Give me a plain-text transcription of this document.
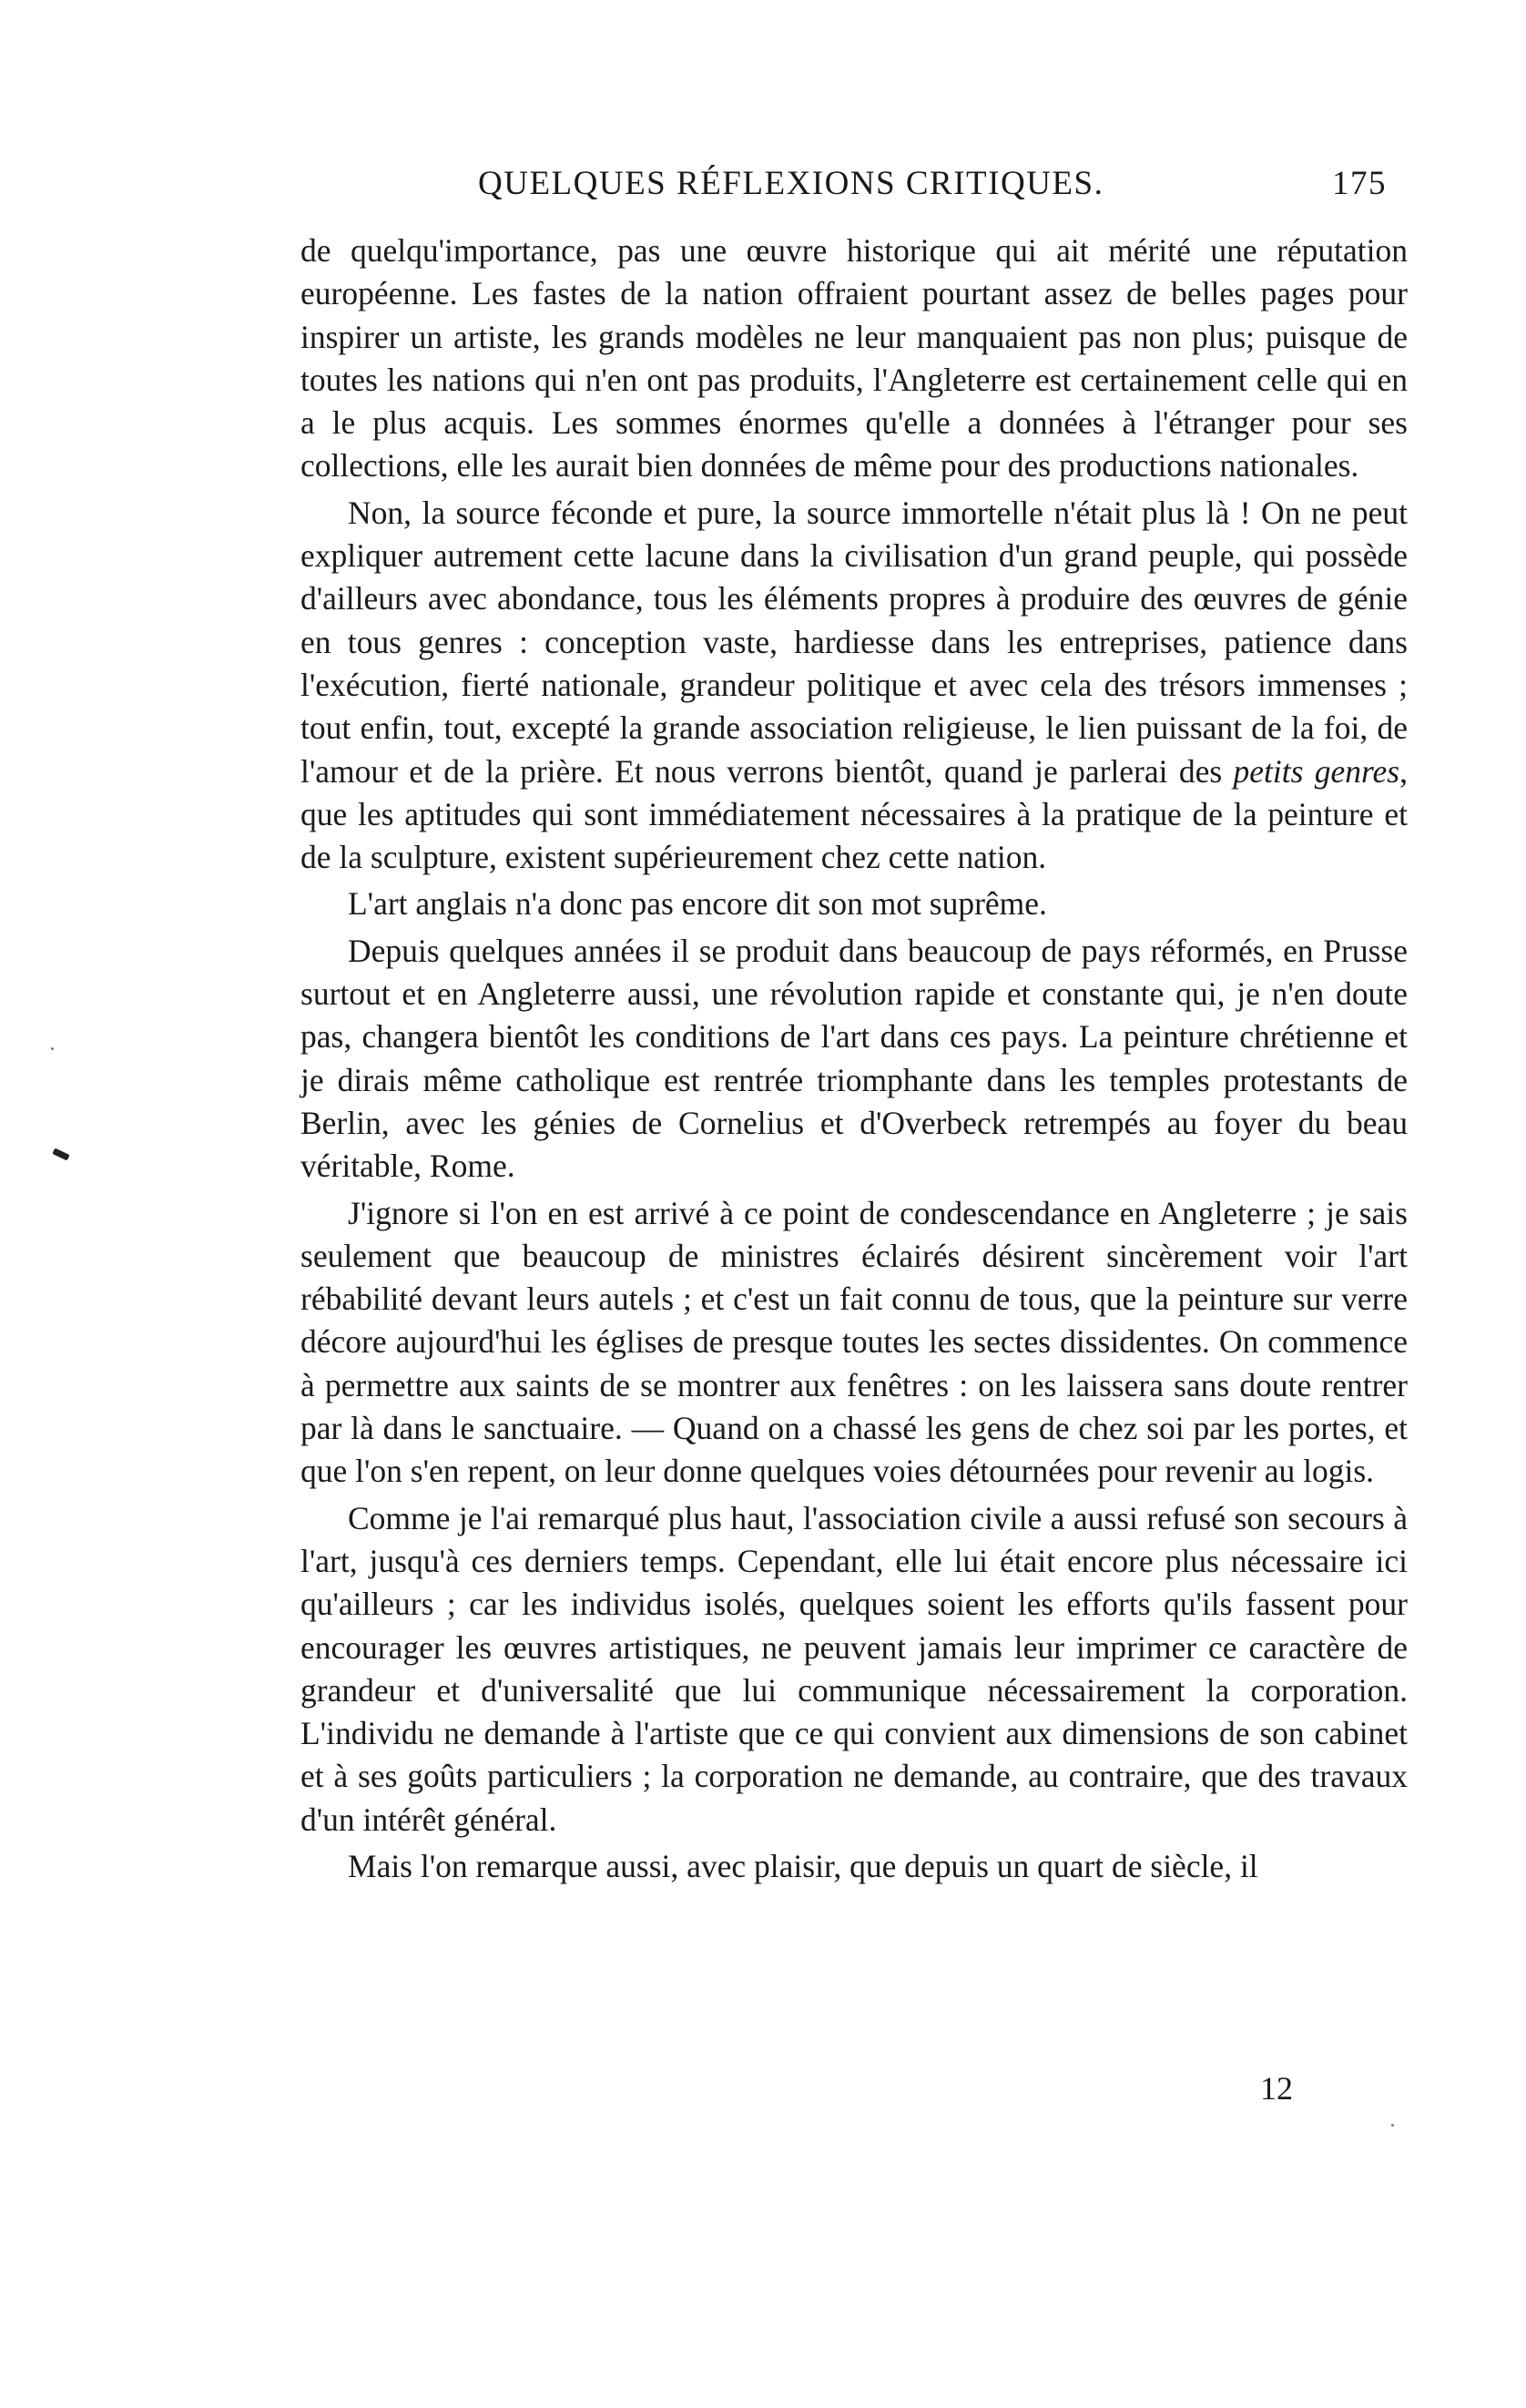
QUELQUES RÉFLEXIONS CRITIQUES.	175

de quelqu'importance, pas une œuvre historique qui ait mérité une réputation européenne. Les fastes de la nation offraient pourtant assez de belles pages pour inspirer un artiste, les grands modèles ne leur manquaient pas non plus; puisque de toutes les nations qui n'en ont pas produits, l'Angleterre est certainement celle qui en a le plus acquis. Les sommes énormes qu'elle a données à l'étranger pour ses collections, elle les aurait bien données de même pour des productions nationales.

Non, la source féconde et pure, la source immortelle n'était plus là ! On ne peut expliquer autrement cette lacune dans la civilisation d'un grand peuple, qui possède d'ailleurs avec abondance, tous les éléments propres à produire des œuvres de génie en tous genres : conception vaste, hardiesse dans les entreprises, patience dans l'exécution, fierté nationale, grandeur politique et avec cela des trésors immenses ; tout enfin, tout, excepté la grande association religieuse, le lien puissant de la foi, de l'amour et de la prière. Et nous verrons bientôt, quand je parlerai des petits genres, que les aptitudes qui sont immédiatement nécessaires à la pratique de la peinture et de la sculpture, existent supérieurement chez cette nation.

L'art anglais n'a donc pas encore dit son mot suprême.

Depuis quelques années il se produit dans beaucoup de pays réformés, en Prusse surtout et en Angleterre aussi, une révolution rapide et constante qui, je n'en doute pas, changera bientôt les conditions de l'art dans ces pays. La peinture chrétienne et je dirais même catholique est rentrée triomphante dans les temples protestants de Berlin, avec les génies de Cornelius et d'Overbeck retrempés au foyer du beau véritable, Rome.

J'ignore si l'on en est arrivé à ce point de condescendance en Angleterre ; je sais seulement que beaucoup de ministres éclairés désirent sincèrement voir l'art rébabilité devant leurs autels ; et c'est un fait connu de tous, que la peinture sur verre décore aujourd'hui les églises de presque toutes les sectes dissidentes. On commence à permettre aux saints de se montrer aux fenêtres : on les laissera sans doute rentrer par là dans le sanctuaire. — Quand on a chassé les gens de chez soi par les portes, et que l'on s'en repent, on leur donne quelques voies détournées pour revenir au logis.

Comme je l'ai remarqué plus haut, l'association civile a aussi refusé son secours à l'art, jusqu'à ces derniers temps. Cependant, elle lui était encore plus nécessaire ici qu'ailleurs ; car les individus isolés, quelques soient les efforts qu'ils fassent pour encourager les œuvres artistiques, ne peuvent jamais leur imprimer ce caractère de grandeur et d'universalité que lui communique nécessairement la corporation. L'individu ne demande à l'artiste que ce qui convient aux dimensions de son cabinet et à ses goûts particuliers ; la corporation ne demande, au contraire, que des travaux d'un intérêt général.

Mais l'on remarque aussi, avec plaisir, que depuis un quart de siècle, il

12
